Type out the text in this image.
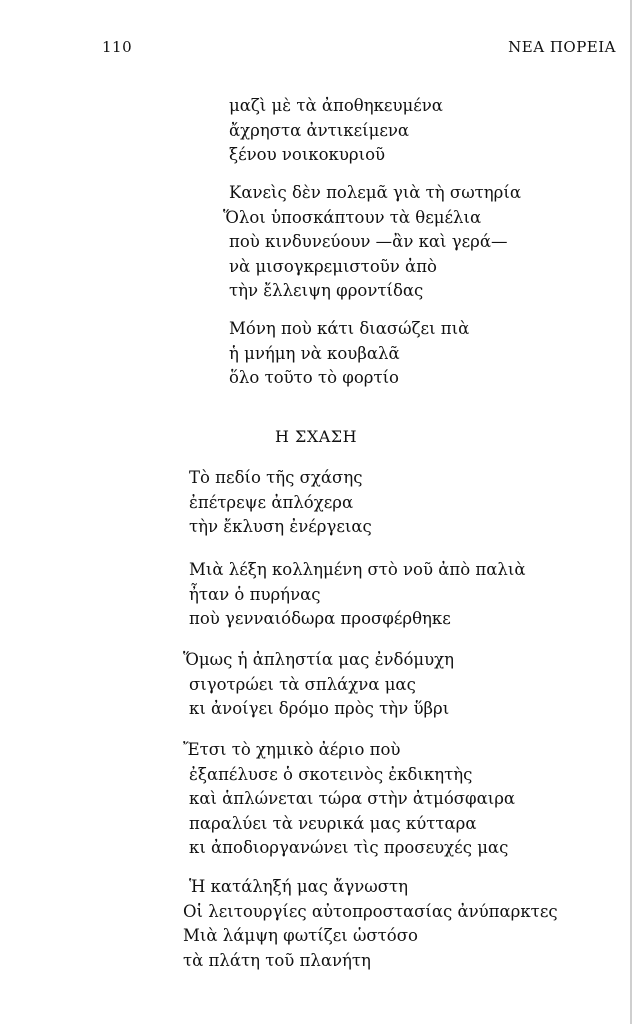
110	ΝΕΑ ΠΟΡΕΙΑ
μαζὶ μὲ τὰ ἀποθηκευμένα
ἄχρηστα ἀντικείμενα
ξένου νοικοκυριοῦ
Κανεὶς δὲν πολεμᾶ γιὰ τὴ σωτηρία
Ὅλοι ὑποσκάπτουν τὰ θεμέλια
ποὺ κινδυνεύουν —ἂν καὶ γερά—
νὰ μισογκρεμιστοῦν ἀπὸ
τὴν ἔλλειψη φροντίδας
Μόνη ποὺ κάτι διασώζει πιὰ
ἡ μνήμη νὰ κουβαλᾶ
ὅλο τοῦτο τὸ φορτίο
Η ΣΧΑΣΗ
Τὸ πεδίο τῆς σχάσης
ἐπέτρεψε ἀπλόχερα
τὴν ἔκλυση ἐνέργειας
Μιὰ λέξη κολλημένη στὸ νοῦ ἀπὸ παλιὰ
ἦταν ὁ πυρήνας
ποὺ γενναιόδωρα προσφέρθηκε
Ὅμως ἡ ἀπληστία μας ἐνδόμυχη
σιγοτρώει τὰ σπλάχνα μας
κι ἀνοίγει δρόμο πρὸς τὴν ὕβρι
Ἔτσι τὸ χημικὸ ἀέριο ποὺ
ἐξαπέλυσε ὁ σκοτεινὸς ἐκδικητὴς
καὶ ἁπλώνεται τώρα στὴν ἀτμόσφαιρα
παραλύει τὰ νευρικά μας κύτταρα
κι ἀποδιοργανώνει τὶς προσευχές μας
Ἡ κατάληξή μας ἄγνωστη
Οἱ λειτουργίες αὐτοπροστασίας ἀνύπαρκτες
Μιὰ λάμψη φωτίζει ὡστόσο
τὰ πλάτη τοῦ πλανήτη
